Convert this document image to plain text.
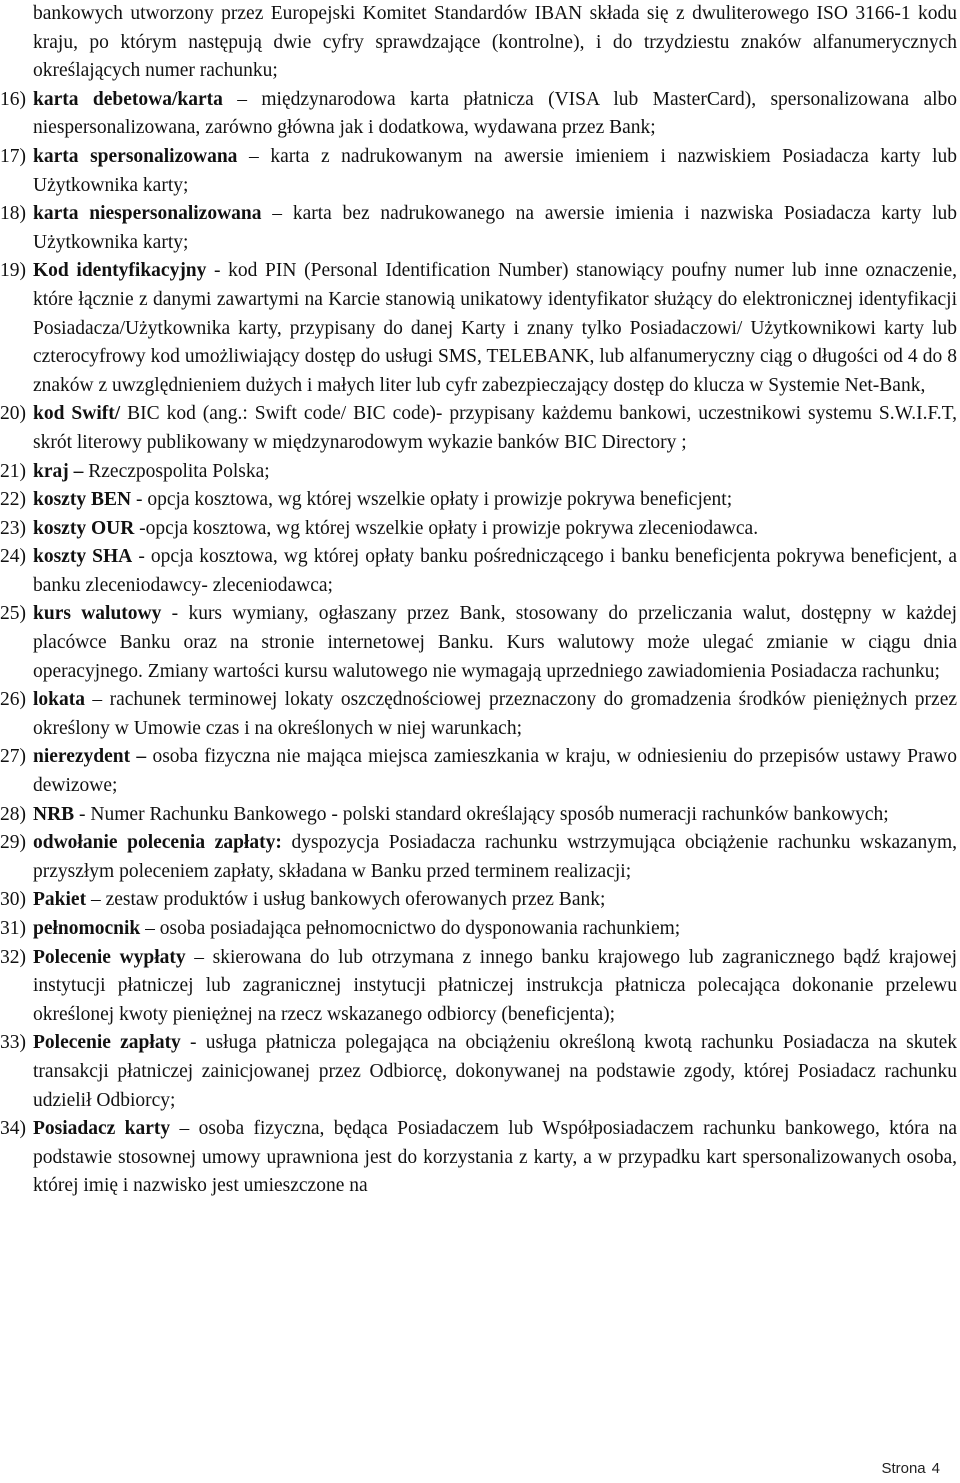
bankowych utworzony przez Europejski Komitet Standardów IBAN składa się z dwuliterowego ISO 3166-1 kodu kraju, po którym następują dwie cyfry sprawdzające (kontrolne), i do trzydziestu znaków alfanumerycznych określających numer rachunku;

16) karta debetowa/karta – międzynarodowa karta płatnicza (VISA lub MasterCard), spersonalizowana albo niespersonalizowana, zarówno główna jak i dodatkowa, wydawana przez Bank;
17) karta spersonalizowana – karta z nadrukowanym na awersie imieniem i nazwiskiem Posiadacza karty lub Użytkownika karty;
18) karta niespersonalizowana – karta bez nadrukowanego na awersie imienia i nazwiska Posiadacza karty lub Użytkownika karty;
19) Kod identyfikacyjny - kod PIN (Personal Identification Number) stanowiący poufny numer lub inne oznaczenie, które łącznie z danymi zawartymi na Karcie stanowią unikatowy identyfikator służący do elektronicznej identyfikacji Posiadacza/Użytkownika karty, przypisany do danej Karty i znany tylko Posiadaczowi/ Użytkownikowi karty lub czterocyfrowy kod umożliwiający dostęp do usługi SMS, TELEBANK, lub alfanumeryczny ciąg o długości od 4 do 8 znaków z uwzględnieniem dużych i małych liter lub cyfr zabezpieczający dostęp do klucza w Systemie Net-Bank,
20) kod Swift/ BIC kod (ang.: Swift code/ BIC code)- przypisany każdemu bankowi, uczestnikowi systemu S.W.I.F.T, skrót literowy publikowany w międzynarodowym wykazie banków BIC Directory ;
21) kraj – Rzeczpospolita Polska;
22) koszty BEN - opcja kosztowa, wg której wszelkie opłaty i prowizje pokrywa beneficjent;
23) koszty OUR -opcja kosztowa, wg której wszelkie opłaty i prowizje pokrywa zleceniodawca.
24) koszty SHA - opcja kosztowa, wg której opłaty banku pośredniczącego i banku beneficjenta pokrywa beneficjent, a banku zleceniodawcy- zleceniodawca;
25) kurs walutowy - kurs wymiany, ogłaszany przez Bank, stosowany do przeliczania walut, dostępny w każdej placówce Banku oraz na stronie internetowej Banku. Kurs walutowy może ulegać zmianie w ciągu dnia operacyjnego. Zmiany wartości kursu walutowego nie wymagają uprzedniego zawiadomienia Posiadacza rachunku;
26) lokata – rachunek terminowej lokaty oszczędnościowej przeznaczony do gromadzenia środków pieniężnych przez określony w Umowie czas i na określonych w niej warunkach;
27) nierezydent – osoba fizyczna nie mająca miejsca zamieszkania w kraju, w odniesieniu do przepisów ustawy Prawo dewizowe;
28) NRB - Numer Rachunku Bankowego - polski standard określający sposób numeracji rachunków bankowych;
29) odwołanie polecenia zapłaty: dyspozycja Posiadacza rachunku wstrzymująca obciążenie rachunku wskazanym, przyszłym poleceniem zapłaty, składana w Banku przed terminem realizacji;
30) Pakiet – zestaw produktów i usług bankowych oferowanych przez Bank;
31) pełnomocnik – osoba posiadająca pełnomocnictwo do dysponowania rachunkiem;
32) Polecenie wypłaty – skierowana do lub otrzymana z innego banku krajowego lub zagranicznego bądź krajowej instytucji płatniczej lub zagranicznej instytucji płatniczej instrukcja płatnicza polecająca dokonanie przelewu określonej kwoty pieniężnej na rzecz wskazanego odbiorcy (beneficjenta);
33) Polecenie zapłaty - usługa płatnicza polegająca na obciążeniu określoną kwotą rachunku Posiadacza na skutek transakcji płatniczej zainicjowanej przez Odbiorcę, dokonywanej na podstawie zgody, której Posiadacz rachunku udzielił Odbiorcy;
34) Posiadacz karty – osoba fizyczna, będąca Posiadaczem lub Współposiadaczem rachunku bankowego, która na podstawie stosownej umowy uprawniona jest do korzystania z karty, a w przypadku kart spersonalizowanych osoba, której imię i nazwisko jest umieszczone na
Strona 4
